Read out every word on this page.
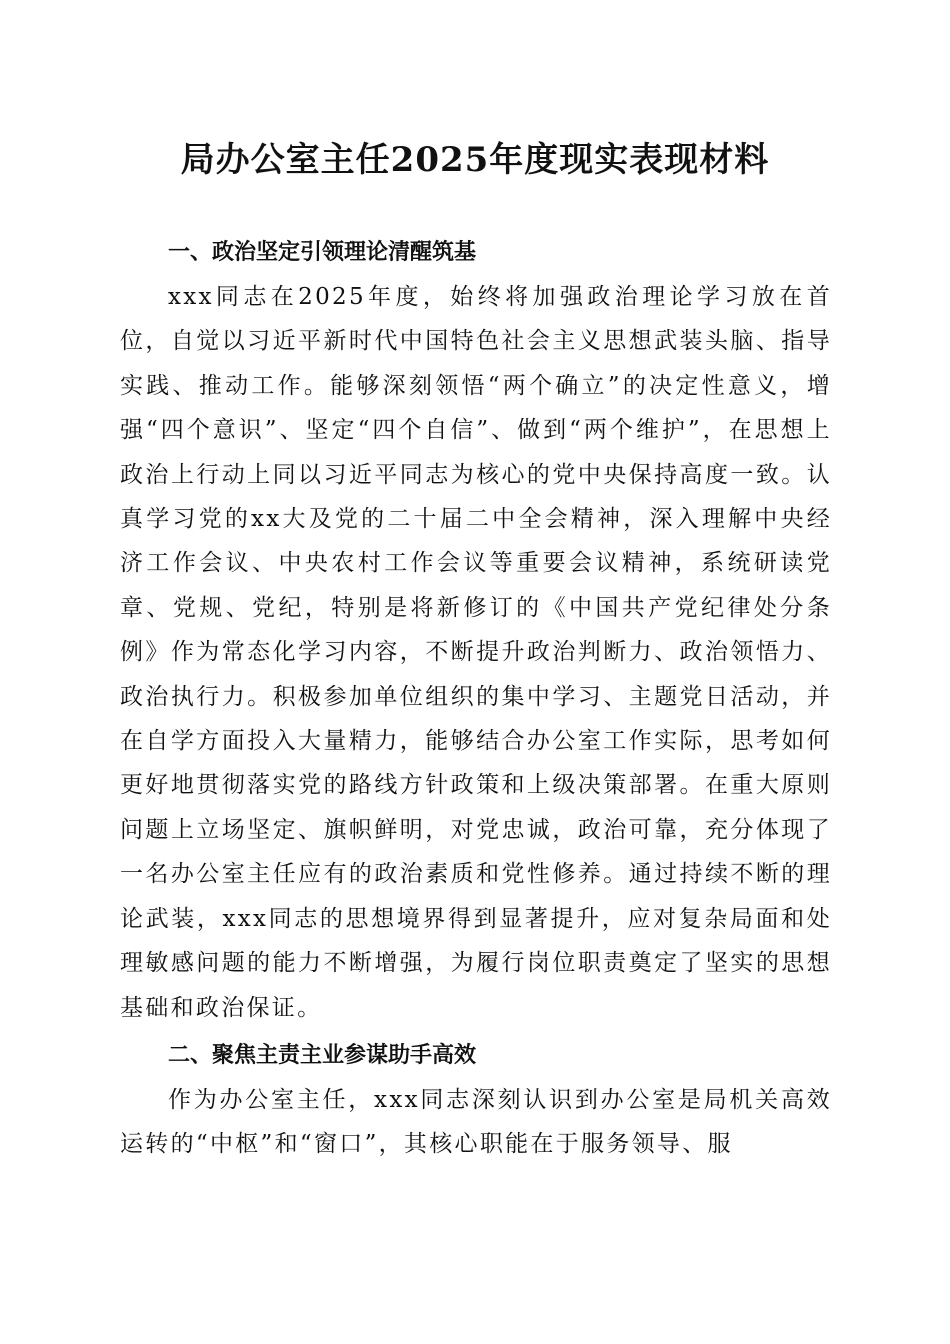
局办公室主任2025年度现实表现材料
一、政治坚定引领理论清醒筑基

xxx同志在2025年度，始终将加强政治理论学习放在首位，自觉以习近平新时代中国特色社会主义思想武装头脑、指导实践、推动工作。能够深刻领悟“两个确立”的决定性意义，增强“四个意识”、坚定“四个自信”、做到“两个维护”，在思想上政治上行动上同以习近平同志为核心的党中央保持高度一致。认真学习党的xx大及党的二十届二中全会精神，深入理解中央经济工作会议、中央农村工作会议等重要会议精神，系统研读党章、党规、党纪，特别是将新修订的《中国共产党纪律处分条例》作为常态化学习内容，不断提升政治判断力、政治领悟力、政治执行力。积极参加单位组织的集中学习、主题党日活动，并在自学方面投入大量精力，能够结合办公室工作实际，思考如何更好地贯彻落实党的路线方针政策和上级决策部署。在重大原则问题上立场坚定、旗帜鲜明，对党忠诚，政治可靠，充分体现了一名办公室主任应有的政治素质和党性修养。通过持续不断的理论武装，xxx同志的思想境界得到显著提升，应对复杂局面和处理敏感问题的能力不断增强，为履行岗位职责奠定了坚实的思想基础和政治保证。

二、聚焦主责主业参谋助手高效

作为办公室主任，xxx同志深刻认识到办公室是局机关高效运转的“中枢”和“窗口”，其核心职能在于服务领导、服
